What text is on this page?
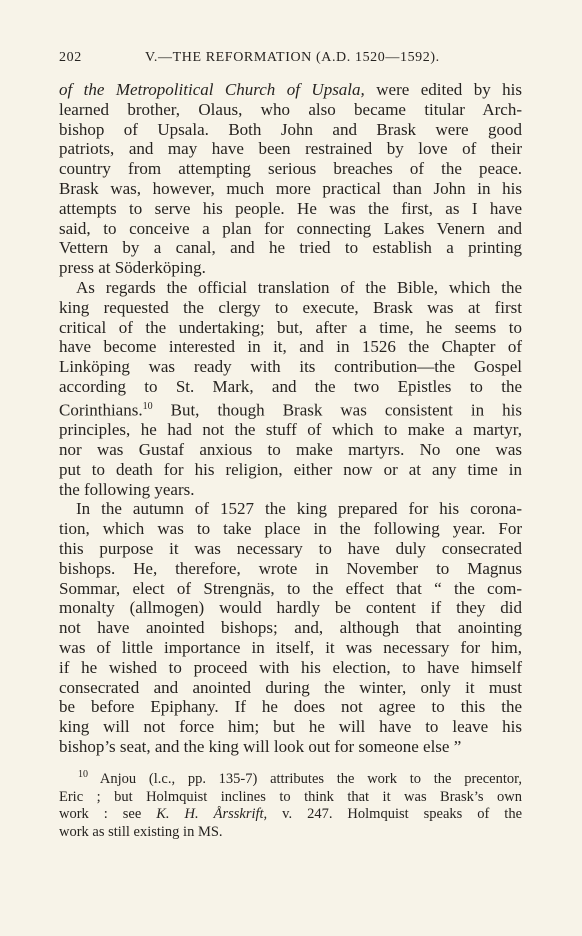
202	V.—THE REFORMATION (A.D. 1520—1592).
of the Metropolitical Church of Upsala, were edited by his
learned brother, Olaus, who also became titular Arch-
bishop of Upsala. Both John and Brask were good
patriots, and may have been restrained by love of their
country from attempting serious breaches of the peace.
Brask was, however, much more practical than John in his
attempts to serve his people. He was the first, as I have
said, to conceive a plan for connecting Lakes Venern and
Vettern by a canal, and he tried to establish a printing
press at Söderköping.
As regards the official translation of the Bible, which the
king requested the clergy to execute, Brask was at first
critical of the undertaking; but, after a time, he seems to
have become interested in it, and in 1526 the Chapter of
Linköping was ready with its contribution—the Gospel
according to St. Mark, and the two Epistles to the
Corinthians.$^{10}$ But, though Brask was consistent in his
principles, he had not the stuff of which to make a martyr,
nor was Gustaf anxious to make martyrs. No one was
put to death for his religion, either now or at any time in
the following years.
In the autumn of 1527 the king prepared for his corona-
tion, which was to take place in the following year. For
this purpose it was necessary to have duly consecrated
bishops. He, therefore, wrote in November to Magnus
Sommar, elect of Strengnäs, to the effect that “ the com-
monalty (allmogen) would hardly be content if they did
not have anointed bishops; and, although that anointing
was of little importance in itself, it was necessary for him,
if he wished to proceed with his election, to have himself
consecrated and anointed during the winter, only it must
be before Epiphany. If he does not agree to this the
king will not force him; but he will have to leave his
bishop’s seat, and the king will look out for someone else ”
$^{10}$ Anjou (l.c., pp. 135-7) attributes the work to the precentor,
Eric ; but Holmquist inclines to think that it was Brask’s own
work : see K. H. Årsskrift, v. 247. Holmquist speaks of the
work as still existing in MS.
